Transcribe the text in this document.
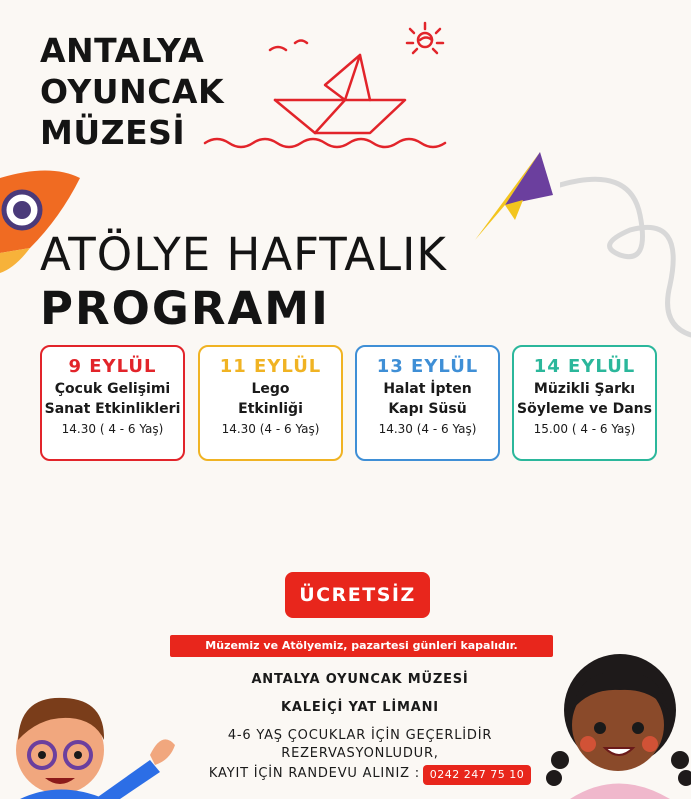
ANTALYA
OYUNCAK
MÜZESİ
ATÖLYE HAFTALIK
PROGRAMI
9 EYLÜL
Çocuk Gelişimi
Sanat Etkinlikleri
14.30 ( 4 - 6 Yaş)
11 EYLÜL
Lego
Etkinliği
14.30 (4 - 6 Yaş)
13 EYLÜL
Halat İpten
Kapı Süsü
14.30 (4 - 6 Yaş)
14 EYLÜL
Müzikli Şarkı
Söyleme ve Dans
15.00 ( 4 - 6 Yaş)
ÜCRETSİZ
Müzemiz ve Atölyemiz, pazartesi günleri kapalıdır.
ANTALYA OYUNCAK MÜZESİ
KALEİÇİ YAT LİMANI
4-6 YAŞ ÇOCUKLAR İÇİN GEÇERLİDİR
REZERVASYONLUDUR,
KAYIT İÇİN RANDEVU ALINIZ : 0242 247 75 10
